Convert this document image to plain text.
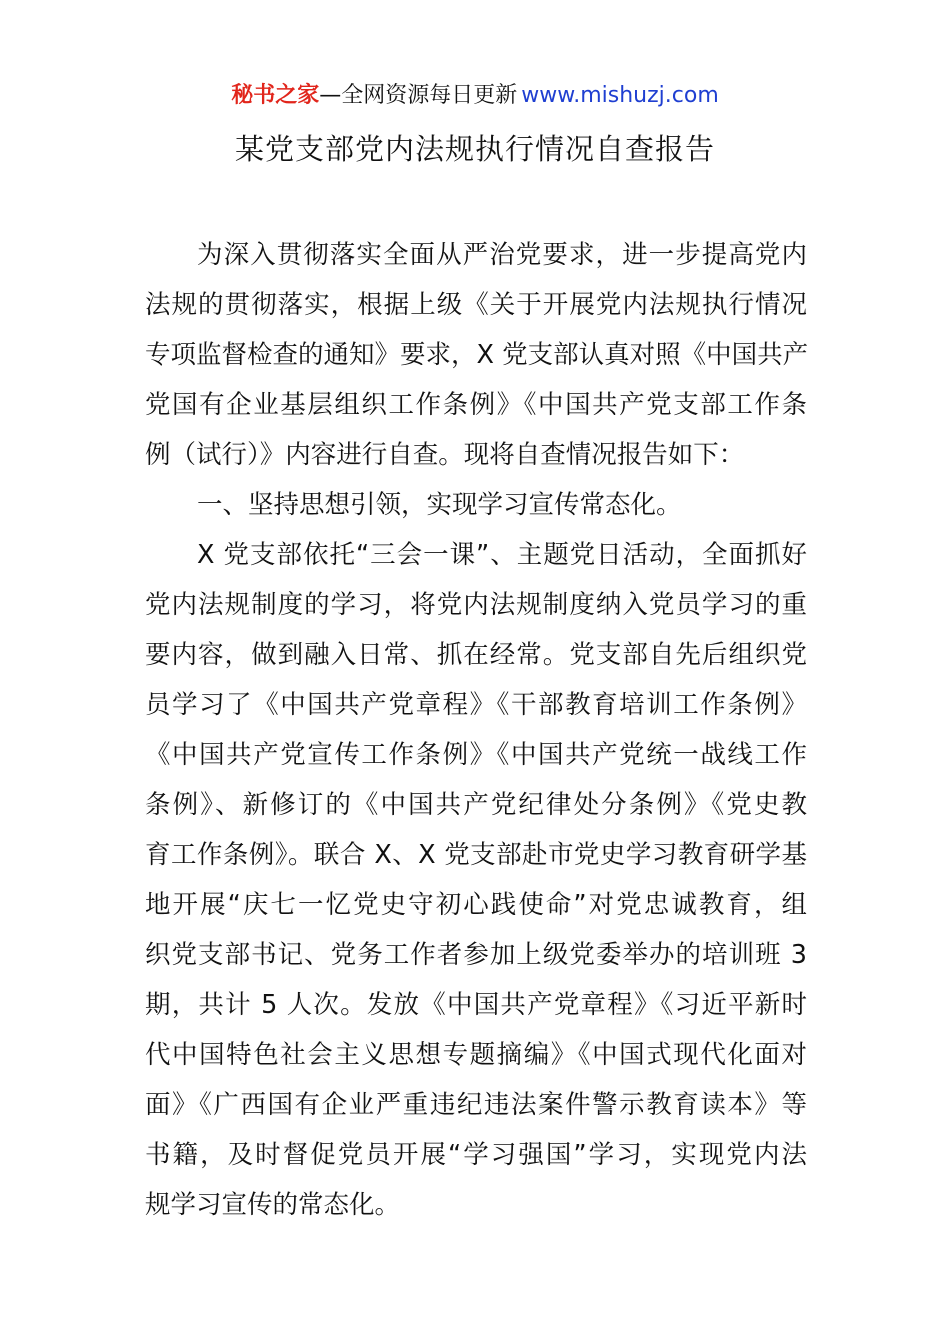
秘书之家—全网资源每日更新 www.mishuzj.com
某党支部党内法规执行情况自查报告
为深入贯彻落实全面从严治党要求，进一步提高党内
法规的贯彻落实，根据上级《关于开展党内法规执行情况
专项监督检查的通知》要求，X 党支部认真对照《中国共产
党国有企业基层组织工作条例》《中国共产党支部工作条
例（试行）》内容进行自查。现将自查情况报告如下：
一、坚持思想引领，实现学习宣传常态化。
X 党支部依托“三会一课”、主题党日活动，全面抓好
党内法规制度的学习，将党内法规制度纳入党员学习的重
要内容，做到融入日常、抓在经常。党支部自先后组织党
员学习了《中国共产党章程》《干部教育培训工作条例》
《中国共产党宣传工作条例》《中国共产党统一战线工作
条例》、新修订的《中国共产党纪律处分条例》《党史教
育工作条例》。联合 X、X 党支部赴市党史学习教育研学基
地开展“庆七一忆党史守初心践使命”对党忠诚教育，组
织党支部书记、党务工作者参加上级党委举办的培训班 3
期，共计 5 人次。发放《中国共产党章程》《习近平新时
代中国特色社会主义思想专题摘编》《中国式现代化面对
面》《广西国有企业严重违纪违法案件警示教育读本》等
书籍，及时督促党员开展“学习强国”学习，实现党内法
规学习宣传的常态化。
